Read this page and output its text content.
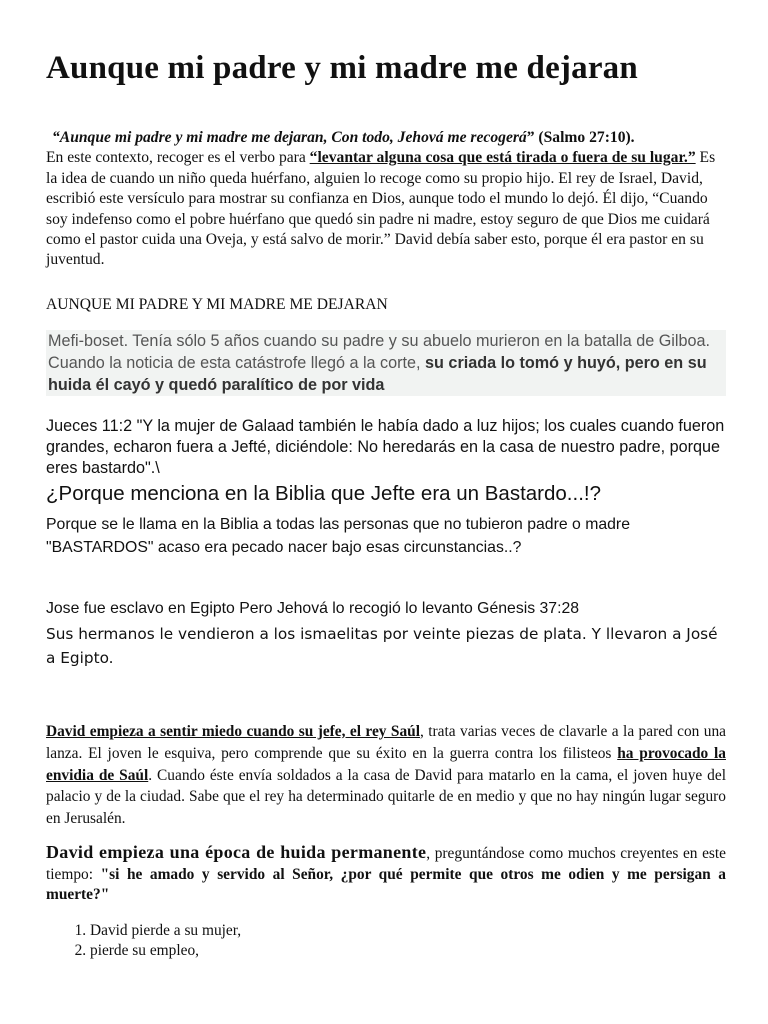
Aunque mi padre y mi madre me dejaran
“Aunque mi padre y mi madre me dejaran, Con todo, Jehová me recogerá” (Salmo 27:10).
En este contexto, recoger es el verbo para “levantar alguna cosa que está tirada o fuera de su lugar.” Es la idea de cuando un niño queda huérfano, alguien lo recoge como su propio hijo. El rey de Israel, David, escribió este versículo para mostrar su confianza en Dios, aunque todo el mundo lo dejó. Él dijo, “Cuando soy indefenso como el pobre huérfano que quedó sin padre ni madre, estoy seguro de que Dios me cuidará como el pastor cuida una Oveja, y está salvo de morir.” David debía saber esto, porque él era pastor en su juventud.
AUNQUE MI PADRE Y MI MADRE ME DEJARAN
Mefi-boset. Tenía sólo 5 años cuando su padre y su abuelo murieron en la batalla de Gilboa. Cuando la noticia de esta catástrofe llegó a la corte, su criada lo tomó y huyó, pero en su huida él cayó y quedó paralítico de por vida
Jueces 11:2 "Y la mujer de Galaad también le había dado a luz hijos; los cuales cuando fueron grandes, echaron fuera a Jefté, diciéndole: No heredarás en la casa de nuestro padre, porque eres bastardo".\
¿Porque menciona en la Biblia que Jefte era un Bastardo...!?
Porque se le llama en la Biblia a todas las personas que no tubieron padre o madre "BASTARDOS" acaso era pecado nacer bajo esas circunstancias..?
Jose fue esclavo en Egipto Pero Jehová lo recogió lo levanto Génesis 37:28
Sus hermanos le vendieron a los ismaelitas por veinte piezas de plata. Y llevaron a José a Egipto.
David empieza a sentir miedo cuando su jefe, el rey Saúl, trata varias veces de clavarle a la pared con una lanza. El joven le esquiva, pero comprende que su éxito en la guerra contra los filisteos ha provocado la envidia de Saúl. Cuando éste envía soldados a la casa de David para matarlo en la cama, el joven huye del palacio y de la ciudad. Sabe que el rey ha determinado quitarle de en medio y que no hay ningún lugar seguro en Jerusalén.
David empieza una época de huida permanente, preguntándose como muchos creyentes en este tiempo: "si he amado y servido al Señor, ¿por qué permite que otros me odien y me persigan a muerte?"
1. David pierde a su mujer,
2. pierde su empleo,
